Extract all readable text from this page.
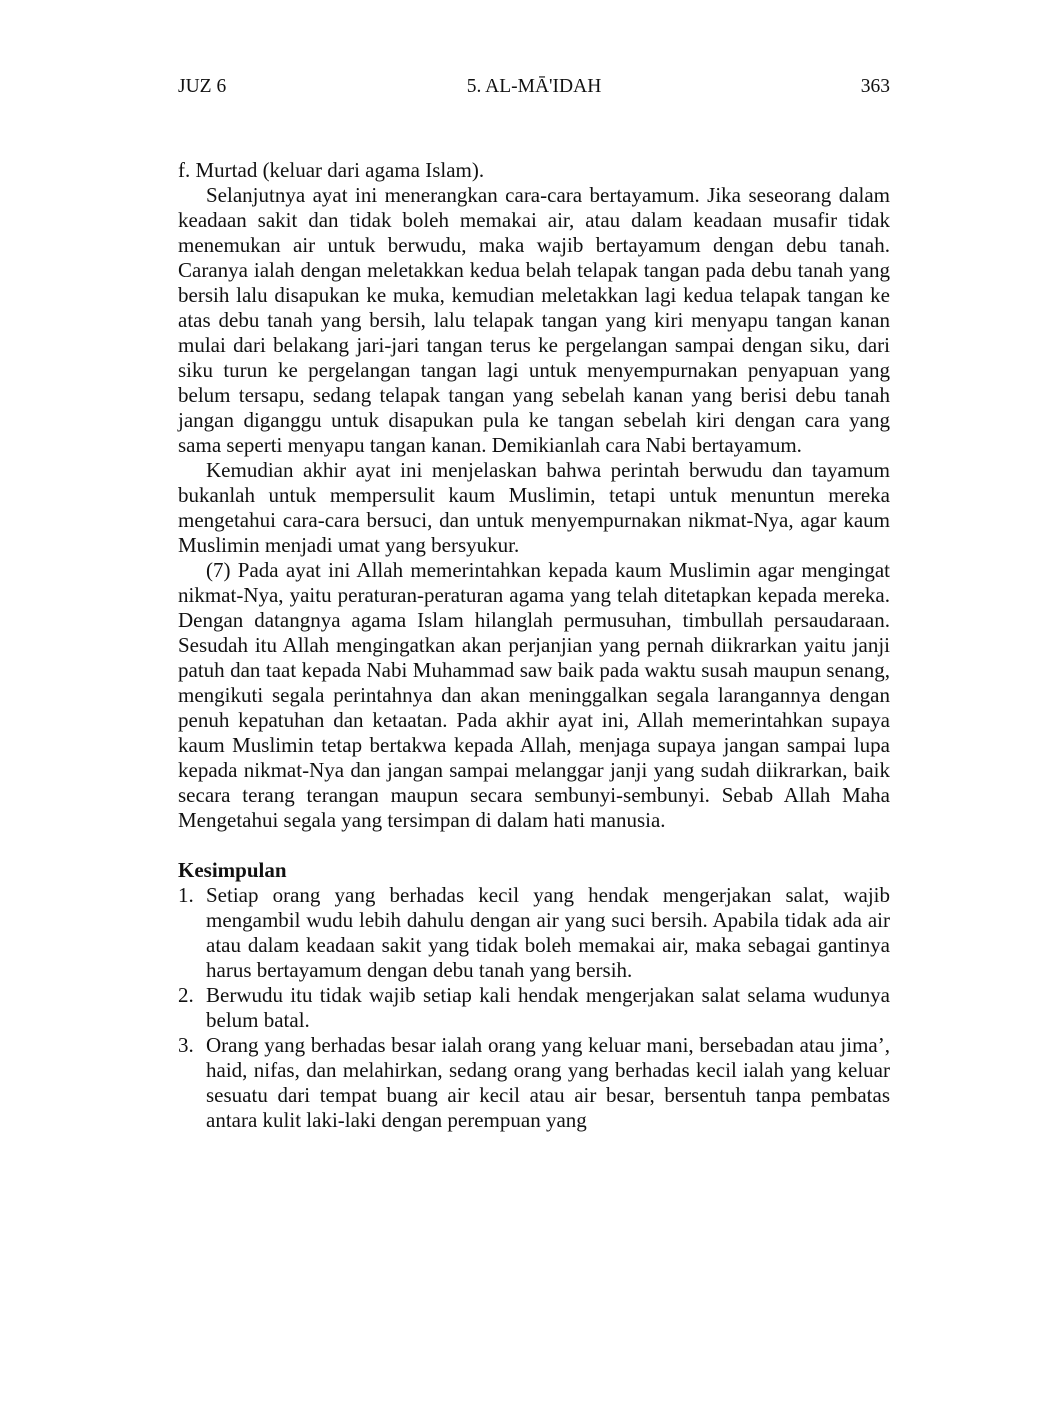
JUZ 6	5. AL-MĀ'IDAH	363

f. Murtad (keluar dari agama Islam).

Selanjutnya ayat ini menerangkan cara-cara bertayamum. Jika seseorang dalam keadaan sakit dan tidak boleh memakai air, atau dalam keadaan musafir tidak menemukan air untuk berwudu, maka wajib bertayamum dengan debu tanah. Caranya ialah dengan meletakkan kedua belah telapak tangan pada debu tanah yang bersih lalu disapukan ke muka, kemudian meletakkan lagi kedua telapak tangan ke atas debu tanah yang bersih, lalu telapak tangan yang kiri menyapu tangan kanan mulai dari belakang jari-jari tangan terus ke pergelangan sampai dengan siku, dari siku turun ke pergelangan tangan lagi untuk menyempurnakan penyapuan yang belum tersapu, sedang telapak tangan yang sebelah kanan yang berisi debu tanah jangan diganggu untuk disapukan pula ke tangan sebelah kiri dengan cara yang sama seperti menyapu tangan kanan. Demikianlah cara Nabi bertayamum.

Kemudian akhir ayat ini menjelaskan bahwa perintah berwudu dan tayamum bukanlah untuk mempersulit kaum Muslimin, tetapi untuk menuntun mereka mengetahui cara-cara bersuci, dan untuk menyempurnakan nikmat-Nya, agar kaum Muslimin menjadi umat yang bersyukur.

(7) Pada ayat ini Allah memerintahkan kepada kaum Muslimin agar mengingat nikmat-Nya, yaitu peraturan-peraturan agama yang telah ditetapkan kepada mereka. Dengan datangnya agama Islam hilanglah permusuhan, timbullah persaudaraan. Sesudah itu Allah mengingatkan akan perjanjian yang pernah diikrarkan yaitu janji patuh dan taat kepada Nabi Muhammad saw baik pada waktu susah maupun senang, mengikuti segala perintahnya dan akan meninggalkan segala larangannya dengan penuh kepatuhan dan ketaatan. Pada akhir ayat ini, Allah memerintahkan supaya kaum Muslimin tetap bertakwa kepada Allah, menjaga supaya jangan sampai lupa kepada nikmat-Nya dan jangan sampai melanggar janji yang sudah diikrarkan, baik secara terang terangan maupun secara sembunyi-sembunyi. Sebab Allah Maha Mengetahui segala yang tersimpan di dalam hati manusia.

Kesimpulan

1. Setiap orang yang berhadas kecil yang hendak mengerjakan salat, wajib mengambil wudu lebih dahulu dengan air yang suci bersih. Apabila tidak ada air atau dalam keadaan sakit yang tidak boleh memakai air, maka sebagai gantinya harus bertayamum dengan debu tanah yang bersih.
2. Berwudu itu tidak wajib setiap kali hendak mengerjakan salat selama wudunya belum batal.
3. Orang yang berhadas besar ialah orang yang keluar mani, bersebadan atau jima’, haid, nifas, dan melahirkan, sedang orang yang berhadas kecil ialah yang keluar sesuatu dari tempat buang air kecil atau air besar, bersentuh tanpa pembatas antara kulit laki-laki dengan perempuan yang
